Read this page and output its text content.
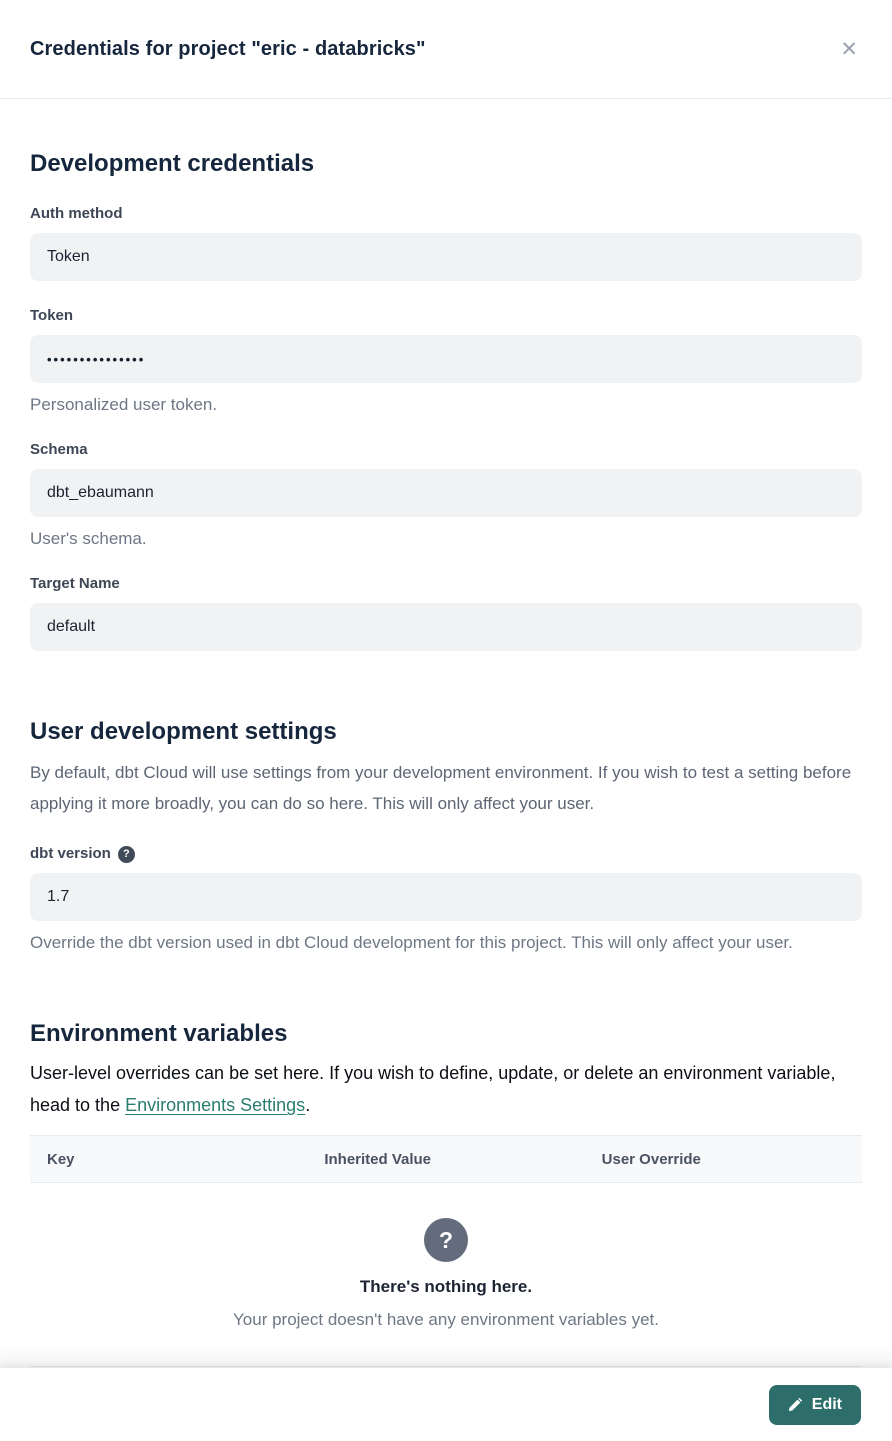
Credentials for project "eric - databricks"	✕
Development credentials
Auth method
Token
Token
•••••••••••••••
Personalized user token.
Schema
dbt_ebaumann
User's schema.
Target Name
default
User development settings

By default, dbt Cloud will use settings from your development environment. If you wish to test a setting before applying it more broadly, you can do so here. This will only affect your user.

dbt version	?
1.7
Override the dbt version used in dbt Cloud development for this project. This will only affect your user.
Environment variables

User-level overrides can be set here. If you wish to define, update, or delete an environment variable, head to the Environments Settings.

Key	Inherited Value	User Override
?
There's nothing here.
Your project doesn't have any environment variables yet.
Edit
